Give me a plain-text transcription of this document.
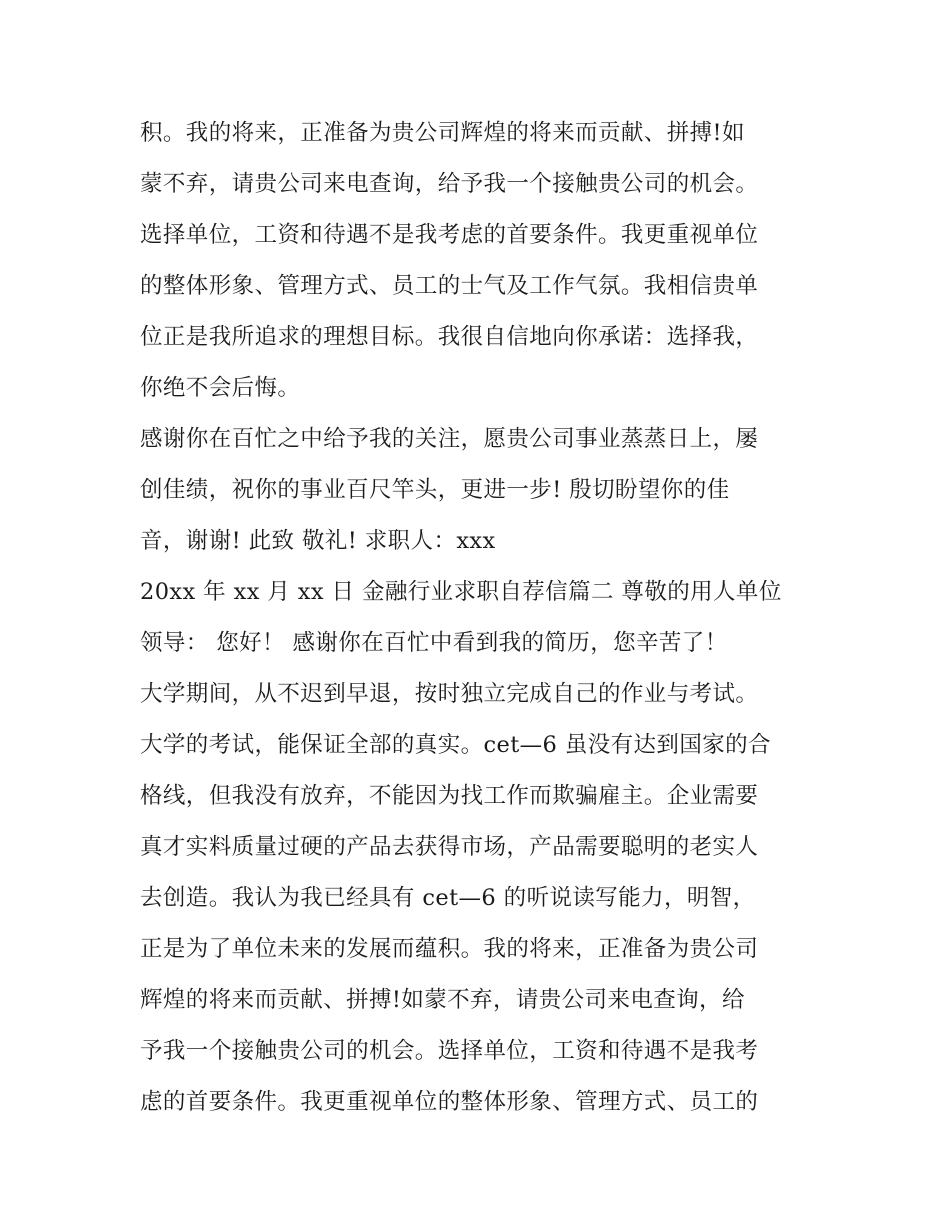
积。我的将来，正准备为贵公司辉煌的将来而贡献、拼搏!如
蒙不弃，请贵公司来电查询，给予我一个接触贵公司的机会。
选择单位，工资和待遇不是我考虑的首要条件。我更重视单位
的整体形象、管理方式、员工的士气及工作气氛。我相信贵单
位正是我所追求的理想目标。我很自信地向你承诺：选择我，
你绝不会后悔。
感谢你在百忙之中给予我的关注，愿贵公司事业蒸蒸日上，屡
创佳绩，祝你的事业百尺竿头，更进一步! 殷切盼望你的佳
音，谢谢! 此致 敬礼! 求职人：xxx
20xx 年 xx 月 xx 日 金融行业求职自荐信篇二 尊敬的用人单位
领导： 您好！ 感谢你在百忙中看到我的简历，您辛苦了！
大学期间，从不迟到早退，按时独立完成自己的作业与考试。
大学的考试，能保证全部的真实。cet—6 虽没有达到国家的合
格线，但我没有放弃，不能因为找工作而欺骗雇主。企业需要
真才实料质量过硬的产品去获得市场，产品需要聪明的老实人
去创造。我认为我已经具有 cet—6 的听说读写能力，明智，
正是为了单位未来的发展而蕴积。我的将来，正准备为贵公司
辉煌的将来而贡献、拼搏!如蒙不弃，请贵公司来电查询，给
予我一个接触贵公司的机会。选择单位，工资和待遇不是我考
虑的首要条件。我更重视单位的整体形象、管理方式、员工的
